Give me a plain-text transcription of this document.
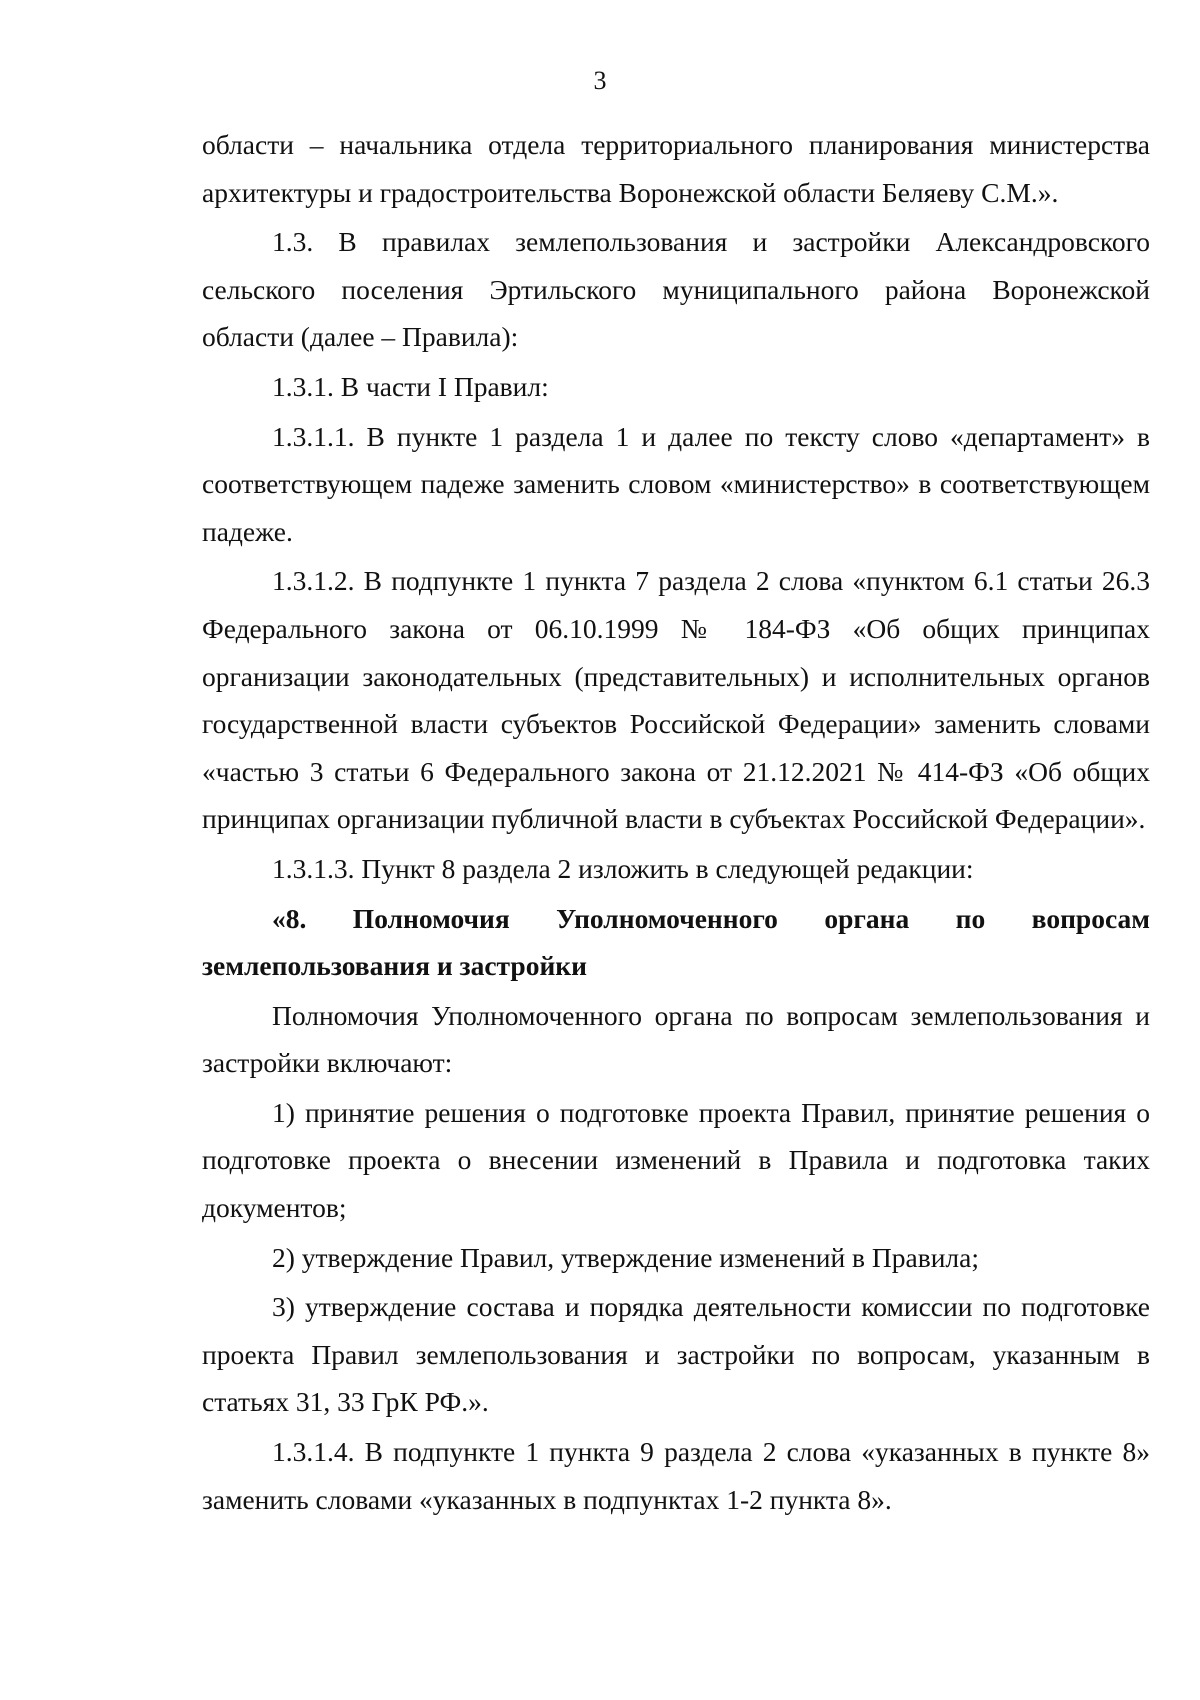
3

области – начальника отдела территориального планирования министерства архитектуры и градостроительства Воронежской области Беляеву С.М.».

1.3. В правилах землепользования и застройки Александровского сельского поселения Эртильского муниципального района Воронежской области (далее – Правила):

1.3.1. В части I Правил:

1.3.1.1. В пункте 1 раздела 1 и далее по тексту слово «департамент» в соответствующем падеже заменить словом «министерство» в соответствующем падеже.

1.3.1.2. В подпункте 1 пункта 7 раздела 2 слова «пунктом 6.1 статьи 26.3 Федерального закона от 06.10.1999 № 184-ФЗ «Об общих принципах организации законодательных (представительных) и исполнительных органов государственной власти субъектов Российской Федерации» заменить словами «частью 3 статьи 6 Федерального закона от 21.12.2021 № 414-ФЗ «Об общих принципах организации публичной власти в субъектах Российской Федерации».

1.3.1.3. Пункт 8 раздела 2 изложить в следующей редакции:

«8. Полномочия Уполномоченного органа по вопросам землепользования и застройки

Полномочия Уполномоченного органа по вопросам землепользования и застройки включают:

1) принятие решения о подготовке проекта Правил, принятие решения о подготовке проекта о внесении изменений в Правила и подготовка таких документов;

2) утверждение Правил, утверждение изменений в Правила;

3) утверждение состава и порядка деятельности комиссии по подготовке проекта Правил землепользования и застройки по вопросам, указанным в статьях 31, 33 ГрК РФ.».

1.3.1.4. В подпункте 1 пункта 9 раздела 2 слова «указанных в пункте 8» заменить словами «указанных в подпунктах 1-2 пункта 8».
